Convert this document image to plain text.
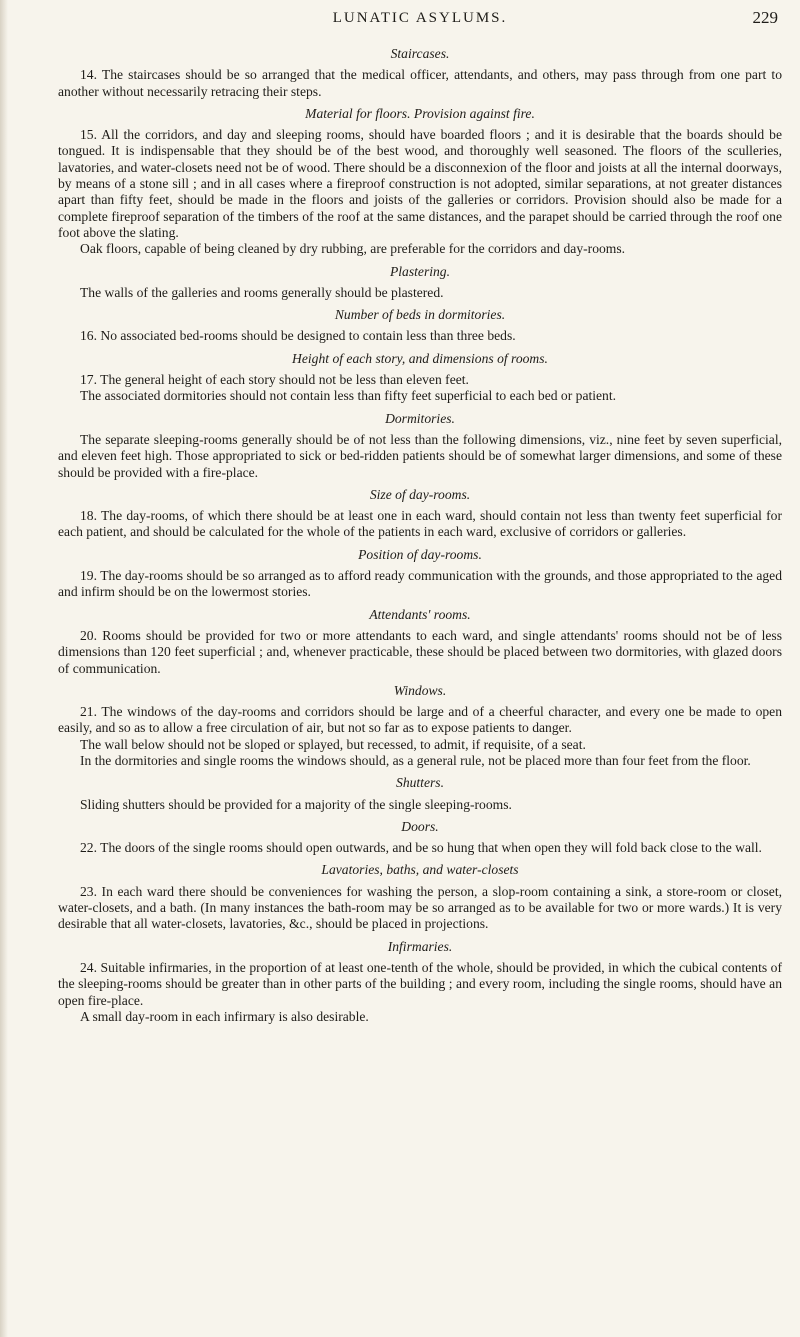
LUNATIC ASYLUMS.	229

Staircases.

14. The staircases should be so arranged that the medical officer, attendants, and others, may pass through from one part to another without necessarily retracing their steps.

Material for floors. Provision against fire.

15. All the corridors, and day and sleeping rooms, should have boarded floors ; and it is desirable that the boards should be tongued. It is indispensable that they should be of the best wood, and thoroughly well seasoned. The floors of the sculleries, lavatories, and water-closets need not be of wood. There should be a disconnexion of the floor and joists at all the internal doorways, by means of a stone sill ; and in all cases where a fireproof construction is not adopted, similar separations, at not greater distances apart than fifty feet, should be made in the floors and joists of the galleries or corridors. Provision should also be made for a complete fireproof separation of the timbers of the roof at the same distances, and the parapet should be carried through the roof one foot above the slating.

Oak floors, capable of being cleaned by dry rubbing, are preferable for the corridors and day-rooms.

Plastering.

The walls of the galleries and rooms generally should be plastered.

Number of beds in dormitories.

16. No associated bed-rooms should be designed to contain less than three beds.

Height of each story, and dimensions of rooms.

17. The general height of each story should not be less than eleven feet.

The associated dormitories should not contain less than fifty feet superficial to each bed or patient.

Dormitories.

The separate sleeping-rooms generally should be of not less than the following dimensions, viz., nine feet by seven superficial, and eleven feet high. Those appropriated to sick or bed-ridden patients should be of somewhat larger dimensions, and some of these should be provided with a fire-place.

Size of day-rooms.

18. The day-rooms, of which there should be at least one in each ward, should contain not less than twenty feet superficial for each patient, and should be calculated for the whole of the patients in each ward, exclusive of corridors or galleries.

Position of day-rooms.

19. The day-rooms should be so arranged as to afford ready communication with the grounds, and those appropriated to the aged and infirm should be on the lowermost stories.

Attendants' rooms.

20. Rooms should be provided for two or more attendants to each ward, and single attendants' rooms should not be of less dimensions than 120 feet superficial ; and, whenever practicable, these should be placed between two dormitories, with glazed doors of communication.

Windows.

21. The windows of the day-rooms and corridors should be large and of a cheerful character, and every one be made to open easily, and so as to allow a free circulation of air, but not so far as to expose patients to danger.

The wall below should not be sloped or splayed, but recessed, to admit, if requisite, of a seat.

In the dormitories and single rooms the windows should, as a general rule, not be placed more than four feet from the floor.

Shutters.

Sliding shutters should be provided for a majority of the single sleeping-rooms.

Doors.

22. The doors of the single rooms should open outwards, and be so hung that when open they will fold back close to the wall.

Lavatories, baths, and water-closets

23. In each ward there should be conveniences for washing the person, a slop-room containing a sink, a store-room or closet, water-closets, and a bath. (In many instances the bath-room may be so arranged as to be available for two or more wards.) It is very desirable that all water-closets, lavatories, &c., should be placed in projections.

Infirmaries.

24. Suitable infirmaries, in the proportion of at least one-tenth of the whole, should be provided, in which the cubical contents of the sleeping-rooms should be greater than in other parts of the building ; and every room, including the single rooms, should have an open fire-place.

A small day-room in each infirmary is also desirable.
